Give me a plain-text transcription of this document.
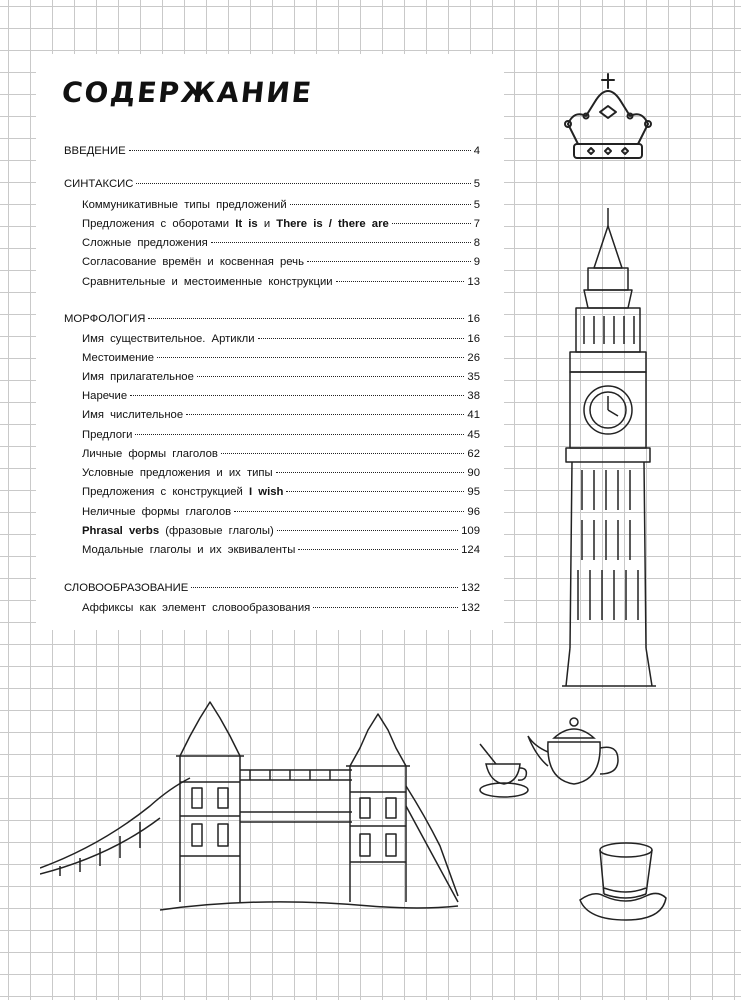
СОДЕРЖАНИЕ
ВВЕДЕНИЕ	4
СИНТАКСИС	5
Коммуникативные типы предложений	5
Предложения с оборотами It is и There is / there are	7
Сложные предложения	8
Согласование времён и косвенная речь	9
Сравнительные и местоименные конструкции	13
МОРФОЛОГИЯ	16
Имя существительное. Артикли	16
Местоимение	26
Имя прилагательное	35
Наречие	38
Имя числительное	41
Предлоги	45
Личные формы глаголов	62
Условные предложения и их типы	90
Предложения с конструкцией I wish	95
Неличные формы глаголов	96
Phrasal verbs (фразовые глаголы)	109
Модальные глаголы и их эквиваленты	124
СЛОВООБРАЗОВАНИЕ	132
Аффиксы как элемент словообразования	132
